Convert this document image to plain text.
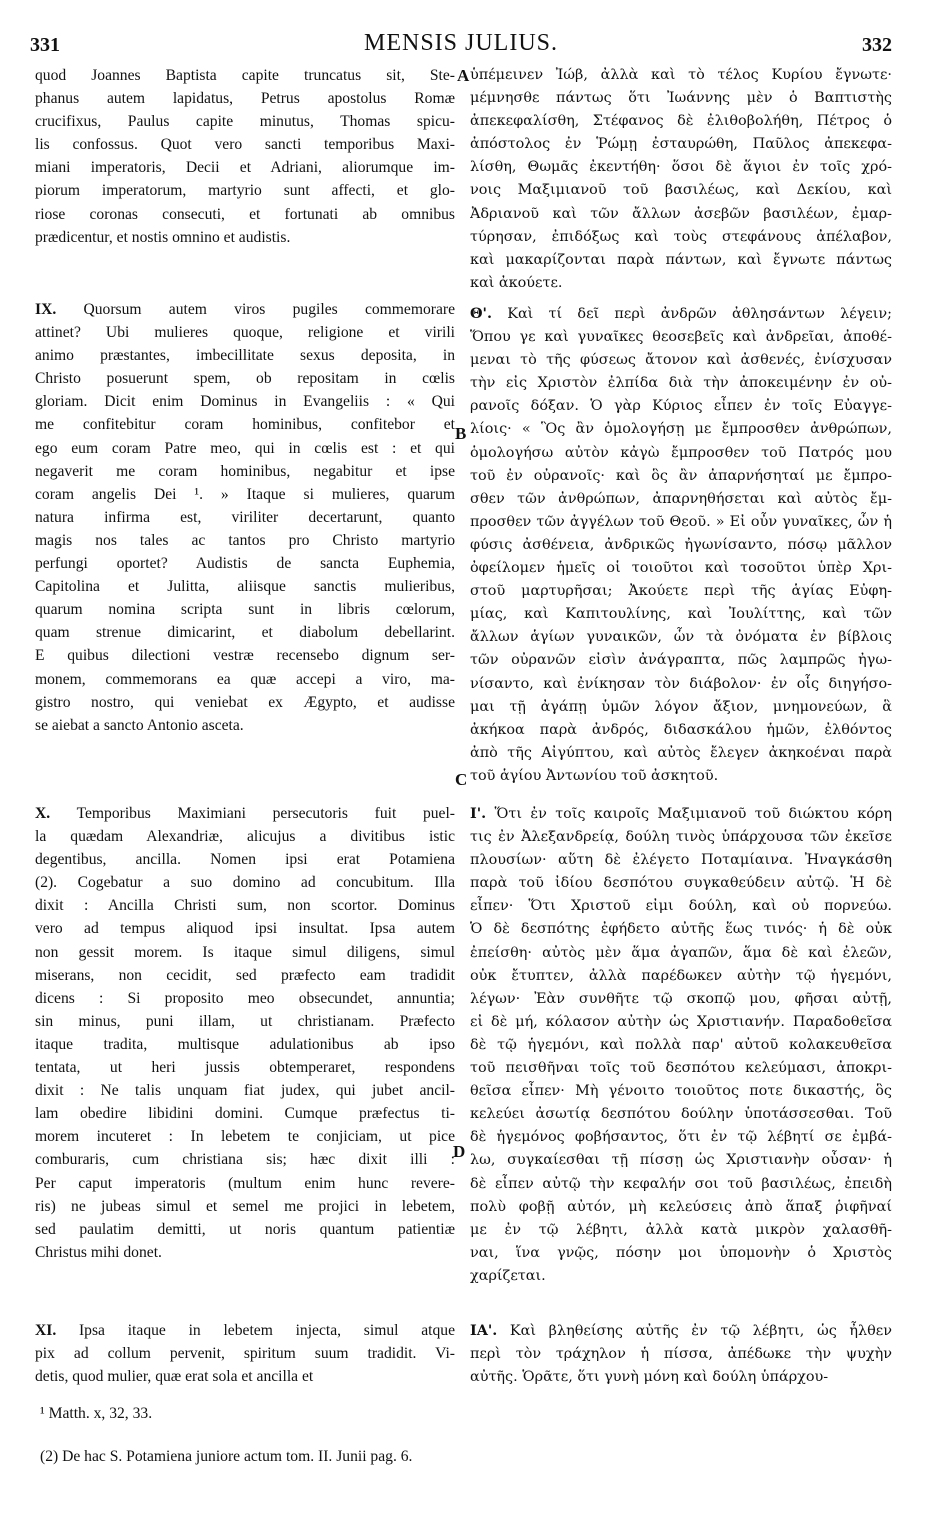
331	MENSIS JULIUS.	332
quod Joannes Baptista capite truncatus sit, Ste-
phanus autem lapidatus, Petrus apostolus Romæ
crucifixus, Paulus capite minutus, Thomas spicu-
lis confossus. Quot vero sancti temporibus Maxi-
miani imperatoris, Decii et Adriani, aliorumque im-
piorum imperatorum, martyrio sunt affecti, et glo-
riose coronas consecuti, et fortunati ab omnibus
prædicentur, et nostis omnino et audistis.
IX. Quorsum autem viros pugiles commemorare
attinet? Ubi mulieres quoque, religione et virili
animo præstantes, imbecillitate sexus deposita, in
Christo posuerunt spem, ob repositam in cœlis
gloriam. Dicit enim Dominus in Evangeliis : « Qui
me confitebitur coram hominibus, confitebor et
ego eum coram Patre meo, qui in cœlis est : et qui
negaverit me coram hominibus, negabitur et ipse
coram angelis Dei ¹. » Itaque si mulieres, quarum
natura infirma est, viriliter decertarunt, quanto
magis nos tales ac tantos pro Christo martyrio
perfungi oportet? Audistis de sancta Euphemia,
Capitolina et Julitta, aliisque sanctis mulieribus,
quarum nomina scripta sunt in libris cœlorum,
quam strenue dimicarint, et diabolum debellarint.
E quibus dilectioni vestræ recensebo dignum ser-
monem, commemorans ea quæ accepi a viro, ma-
gistro nostro, qui veniebat ex Ægypto, et audisse
se aiebat a sancto Antonio asceta.
X. Temporibus Maximiani persecutoris fuit puel-
la quædam Alexandriæ, alicujus a divitibus istic
degentibus, ancilla. Nomen ipsi erat Potamiena
(2). Cogebatur a suo domino ad concubitum. Illa
dixit : Ancilla Christi sum, non scortor. Dominus
vero ad tempus aliquod ipsi insultat. Ipsa autem
non gessit morem. Is itaque simul diligens, simul
miserans, non cecidit, sed præfecto eam tradidit
dicens : Si proposito meo obsecundet, annuntia;
sin minus, puni illam, ut christianam. Præfecto
itaque tradita, multisque adulationibus ab ipso
tentata, ut heri jussis obtemperaret, respondens
dixit : Ne talis unquam fiat judex, qui jubet ancil-
lam obedire libidini domini. Cumque præfectus ti-
morem incuteret : In lebetem te conjiciam, ut pice
comburaris, cum christiana sis; hæc dixit illi :
Per caput imperatoris (multum enim hunc revere-
ris) ne jubeas simul et semel me projici in lebetem,
sed paulatim demitti, ut noris quantum patientiæ
Christus mihi donet.
XI. Ipsa itaque in lebetem injecta, simul atque
pix ad collum pervenit, spiritum suum tradidit. Vi-
detis, quod mulier, quæ erat sola et ancilla et
ὑπέμεινεν Ἰώβ, ἀλλὰ καὶ τὸ τέλος Κυρίου ἔγνωτε·
μέμνησθε πάντως ὅτι Ἰωάννης μὲν ὁ Βαπτιστὴς
ἀπεκεφαλίσθη, Στέφανος δὲ ἐλιθοβολήθη, Πέτρος ὁ
ἀπόστολος ἐν Ῥώμῃ ἐσταυρώθη, Παῦλος ἀπεκεφα-
λίσθη, Θωμᾶς ἐκεντήθη· ὅσοι δὲ ἅγιοι ἐν τοῖς χρό-
νοις Μαξιμιανοῦ τοῦ βασιλέως, καὶ Δεκίου, καὶ
Ἀδριανοῦ καὶ τῶν ἄλλων ἀσεβῶν βασιλέων, ἐμαρ-
τύρησαν, ἐπιδόξως καὶ τοὺς στεφάνους ἀπέλαβον,
καὶ μακαρίζονται παρὰ πάντων, καὶ ἔγνωτε πάντως
καὶ ἀκούετε.
Θ'. Καὶ τί δεῖ περὶ ἀνδρῶν ἀθλησάντων λέγειν;
Ὅπου γε καὶ γυναῖκες θεοσεβεῖς καὶ ἀνδρεῖαι, ἀποθέ-
μεναι τὸ τῆς φύσεως ἄτονον καὶ ἀσθενές, ἐνίσχυσαν
τὴν εἰς Χριστὸν ἐλπίδα διὰ τὴν ἀποκειμένην ἐν οὐ-
ρανοῖς δόξαν. Ὁ γὰρ Κύριος εἶπεν ἐν τοῖς Εὐαγγε-
λίοις· « Ὃς ἂν ὁμολογήσῃ με ἔμπροσθεν ἀνθρώπων,
ὁμολογήσω αὐτὸν κἀγὼ ἔμπροσθεν τοῦ Πατρός μου
τοῦ ἐν οὐρανοῖς· καὶ ὃς ἂν ἀπαρνήσηταί με ἔμπρο-
σθεν τῶν ἀνθρώπων, ἀπαρνηθήσεται καὶ αὐτὸς ἔμ-
προσθεν τῶν ἀγγέλων τοῦ Θεοῦ. » Εἰ οὖν γυναῖκες, ὧν ἡ
φύσις ἀσθένεια, ἀνδρικῶς ἠγωνίσαντο, πόσῳ μᾶλλον
ὀφείλομεν ἡμεῖς οἱ τοιοῦτοι καὶ τοσοῦτοι ὑπὲρ Χρι-
στοῦ μαρτυρῆσαι; Ἀκούετε περὶ τῆς ἁγίας Εὐφη-
μίας, καὶ Καπιτουλίνης, καὶ Ἰουλίττης, καὶ τῶν
ἄλλων ἁγίων γυναικῶν, ὧν τὰ ὀνόματα ἐν βίβλοις
τῶν οὐρανῶν εἰσὶν ἀνάγραπτα, πῶς λαμπρῶς ἠγω-
νίσαντο, καὶ ἐνίκησαν τὸν διάβολον· ἐν οἷς διηγήσο-
μαι τῇ ἀγάπῃ ὑμῶν λόγον ἄξιον, μνημονεύων, ἃ
ἀκήκοα παρὰ ἀνδρός, διδασκάλου ἡμῶν, ἐλθόντος
ἀπὸ τῆς Αἰγύπτου, καὶ αὐτὸς ἔλεγεν ἀκηκοέναι παρὰ
τοῦ ἁγίου Ἀντωνίου τοῦ ἀσκητοῦ.
Ι'. Ὅτι ἐν τοῖς καιροῖς Μαξιμιανοῦ τοῦ διώκτου κόρη
τις ἐν Ἀλεξανδρείᾳ, δούλη τινὸς ὑπάρχουσα τῶν ἐκεῖσε
πλουσίων· αὕτη δὲ ἐλέγετο Ποταμίαινα. Ἠναγκάσθη
παρὰ τοῦ ἰδίου δεσπότου συγκαθεύδειν αὐτῷ. Ἡ δὲ
εἶπεν· Ὅτι Χριστοῦ εἰμι δούλη, καὶ οὐ πορνεύω.
Ὁ δὲ δεσπότης ἐφήδετο αὐτῆς ἕως τινός· ἡ δὲ οὐκ
ἐπείσθη· αὐτὸς μὲν ἅμα ἀγαπῶν, ἅμα δὲ καὶ ἐλεῶν,
οὐκ ἔτυπτεν, ἀλλὰ παρέδωκεν αὐτὴν τῷ ἡγεμόνι,
λέγων· Ἐὰν συνθῆτε τῷ σκοπῷ μου, φῆσαι αὐτῇ,
εἰ δὲ μή, κόλασον αὐτὴν ὡς Χριστιανήν. Παραδοθεῖσα
δὲ τῷ ἡγεμόνι, καὶ πολλὰ παρ' αὐτοῦ κολακευθεῖσα
τοῦ πεισθῆναι τοῖς τοῦ δεσπότου κελεύμασι, ἀποκρι-
θεῖσα εἶπεν· Μὴ γένοιτο τοιοῦτος ποτε δικαστής, ὃς
κελεύει ἀσωτίᾳ δεσπότου δούλην ὑποτάσσεσθαι. Τοῦ
δὲ ἡγεμόνος φοβήσαντος, ὅτι ἐν τῷ λέβητί σε ἐμβά-
λω, συγκαίεσθαι τῇ πίσσῃ ὡς Χριστιανὴν οὖσαν· ἡ
δὲ εἶπεν αὐτῷ τὴν κεφαλήν σοι τοῦ βασιλέως, ἐπειδὴ
πολὺ φοβῇ αὐτόν, μὴ κελεύσεις ἀπὸ ἅπαξ ῥιφῆναί
με ἐν τῷ λέβητι, ἀλλὰ κατὰ μικρὸν χαλασθῆ-
ναι, ἵνα γνῷς, πόσην μοι ὑπομονὴν ὁ Χριστὸς
χαρίζεται.
ΙΑ'. Καὶ βληθείσης αὐτῆς ἐν τῷ λέβητι, ὡς ἦλθεν
περὶ τὸν τράχηλον ἡ πίσσα, ἀπέδωκε τὴν ψυχὴν
αὐτῆς. Ὁρᾶτε, ὅτι γυνὴ μόνη καὶ δούλη ὑπάρχου-
A
B
C
D
¹ Matth. x, 32, 33.
(2) De hac S. Potamiena juniore actum tom. II. Junii pag. 6.
